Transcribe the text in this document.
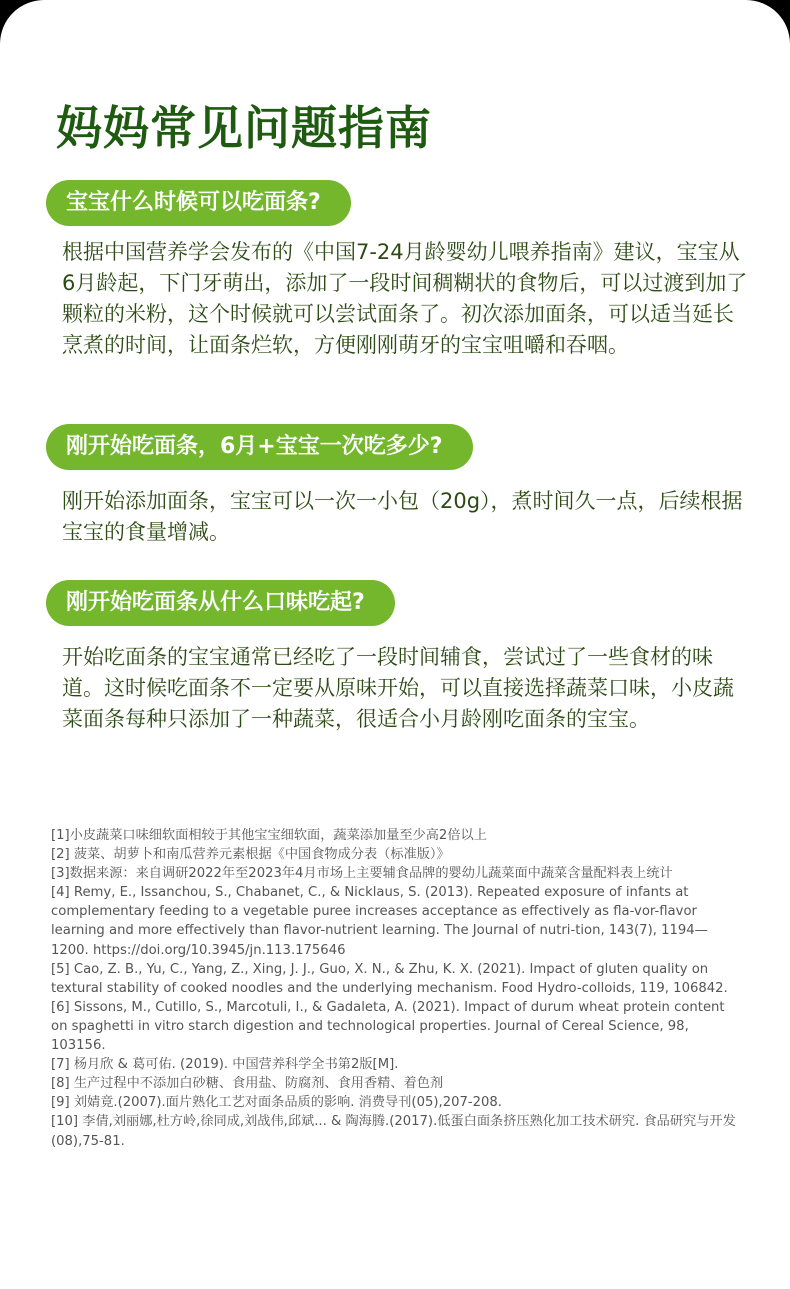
妈妈常见问题指南
宝宝什么时候可以吃面条?
根据中国营养学会发布的《中国7-24月龄婴幼儿喂养指南》建议，宝宝从6月龄起，下门牙萌出，添加了一段时间稠糊状的食物后，可以过渡到加了颗粒的米粉，这个时候就可以尝试面条了。初次添加面条，可以适当延长烹煮的时间，让面条烂软，方便刚刚萌牙的宝宝咀嚼和吞咽。
刚开始吃面条，6月+宝宝一次吃多少?
刚开始添加面条，宝宝可以一次一小包（20g），煮时间久一点，后续根据宝宝的食量增减。
刚开始吃面条从什么口味吃起?
开始吃面条的宝宝通常已经吃了一段时间辅食，尝试过了一些食材的味道。这时候吃面条不一定要从原味开始，可以直接选择蔬菜口味，小皮蔬菜面条每种只添加了一种蔬菜，很适合小月龄刚吃面条的宝宝。

[1]小皮蔬菜口味细软面相较于其他宝宝细软面，蔬菜添加量至少高2倍以上

[2] 菠菜、胡萝卜和南瓜营养元素根据《中国食物成分表（标准版）》

[3]数据来源：来自调研2022年至2023年4月市场上主要辅食品牌的婴幼儿蔬菜面中蔬菜含量配料表上统计

[4] Remy, E., Issanchou, S., Chabanet, C., & Nicklaus, S. (2013). Repeated exposure of infants at complementary feeding to a vegetable puree increases acceptance as effectively as fla-vor-flavor learning and more effectively than flavor-nutrient learning. The Journal of nutri-tion, 143(7), 1194—1200. https://doi.org/10.3945/jn.113.175646

[5] Cao, Z. B., Yu, C., Yang, Z., Xing, J. J., Guo, X. N., & Zhu, K. X. (2021). Impact of gluten quality on textural stability of cooked noodles and the underlying mechanism. Food Hydro-colloids, 119, 106842.

[6] Sissons, M., Cutillo, S., Marcotuli, I., & Gadaleta, A. (2021). Impact of durum wheat protein content on spaghetti in vitro starch digestion and technological properties. Journal of Cereal Science, 98, 103156.

[7] 杨月欣 & 葛可佑. (2019). 中国营养科学全书第2版[M].

[8] 生产过程中不添加白砂糖、食用盐、防腐剂、食用香精、着色剂

[9] 刘婧竟.(2007).面片熟化工艺对面条品质的影响. 消费导刊(05),207-208.

[10] 李倩,刘丽娜,杜方岭,徐同成,刘战伟,邱斌... & 陶海腾.(2017).低蛋白面条挤压熟化加工技术研究. 食品研究与开发(08),75-81.
